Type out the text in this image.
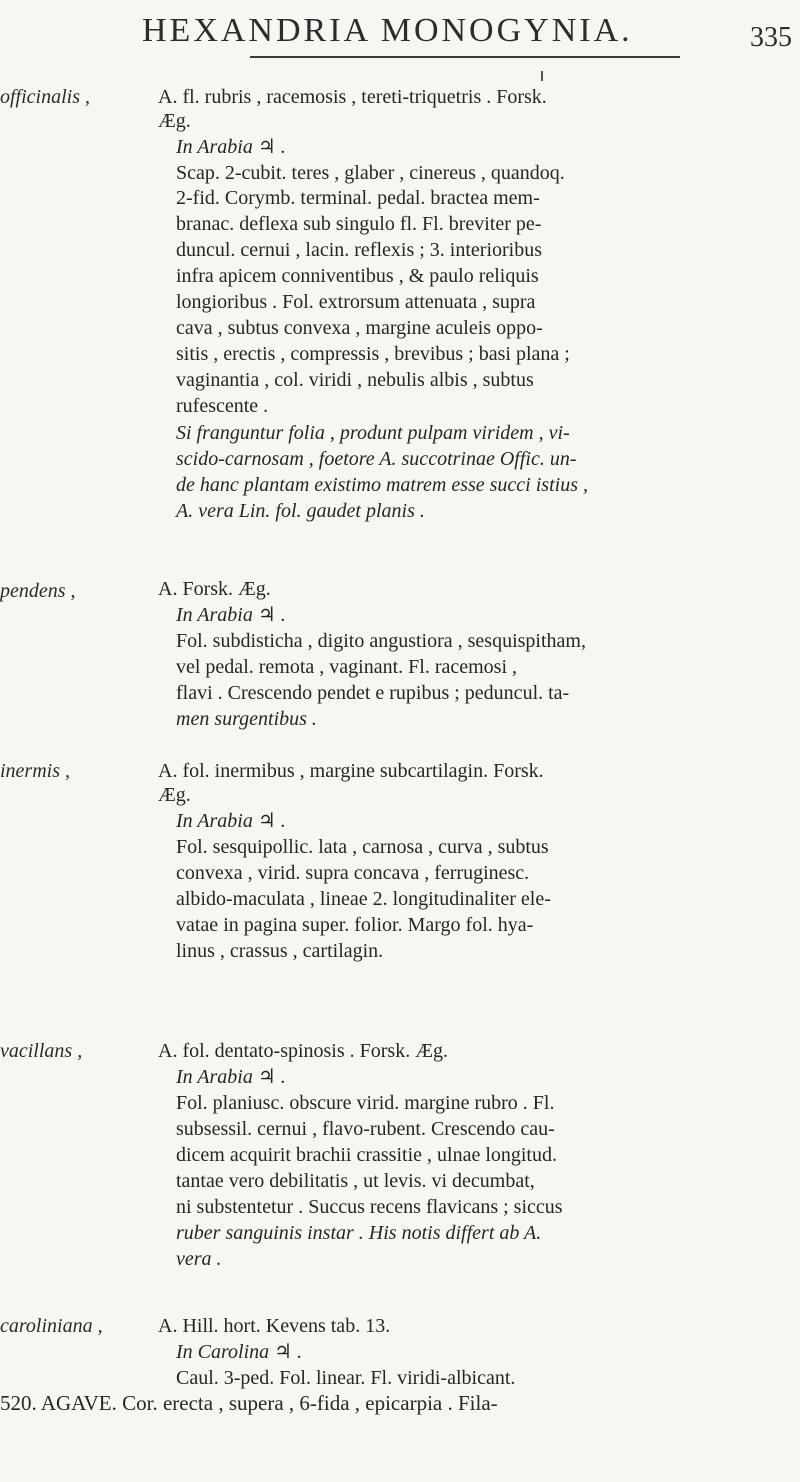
HEXANDRIA MONOGYNIA.	335
officinalis ,
pendens ,
inermis ,
vacillans ,
caroliniana ,
A. fl. rubris , racemosis , tereti-triquetris . Forsk.
Æg.
In Arabia ♃ .
Scap. 2-cubit. teres , glaber , cinereus , quandoq.
2-fid. Corymb. terminal. pedal. bractea mem-
branac. deflexa sub singulo fl. Fl. breviter pe-
duncul. cernui , lacin. reflexis ; 3. interioribus
infra apicem conniventibus , & paulo reliquis
longioribus . Fol. extrorsum attenuata , supra
cava , subtus convexa , margine aculeis oppo-
sitis , erectis , compressis , brevibus ; basi plana ;
vaginantia , col. viridi , nebulis albis , subtus
rufescente .
Si franguntur folia , produnt pulpam viridem , vi-
scido-carnosam , foetore A. succotrinae Offic. un-
de hanc plantam existimo matrem esse succi istius ,
A. vera Lin. fol. gaudet planis .
A. Forsk. Æg.
In Arabia ♃ .
Fol. subdisticha , digito angustiora , sesquispitham,
vel pedal. remota , vaginant. Fl. racemosi ,
flavi . Crescendo pendet e rupibus ; peduncul. ta-
men surgentibus .
A. fol. inermibus , margine subcartilagin. Forsk.
Æg.
In Arabia ♃ .
Fol. sesquipollic. lata , carnosa , curva , subtus
convexa , virid. supra concava , ferruginesc.
albido-maculata , lineae 2. longitudinaliter ele-
vatae in pagina super. folior. Margo fol. hya-
linus , crassus , cartilagin.
A. fol. dentato-spinosis . Forsk. Æg.
In Arabia ♃ .
Fol. planiusc. obscure virid. margine rubro . Fl.
subsessil. cernui , flavo-rubent. Crescendo cau-
dicem acquirit brachii crassitie , ulnae longitud.
tantae vero debilitatis , ut levis. vi decumbat,
ni substentetur . Succus recens flavicans ; siccus
ruber sanguinis instar . His notis differt ab A.
vera .
A. Hill. hort. Kevens tab. 13.
In Carolina ♃ .
Caul. 3-ped. Fol. linear. Fl. viridi-albicant.
520. AGAVE. Cor. erecta , supera , 6-fida , epicarpia . Fila-
